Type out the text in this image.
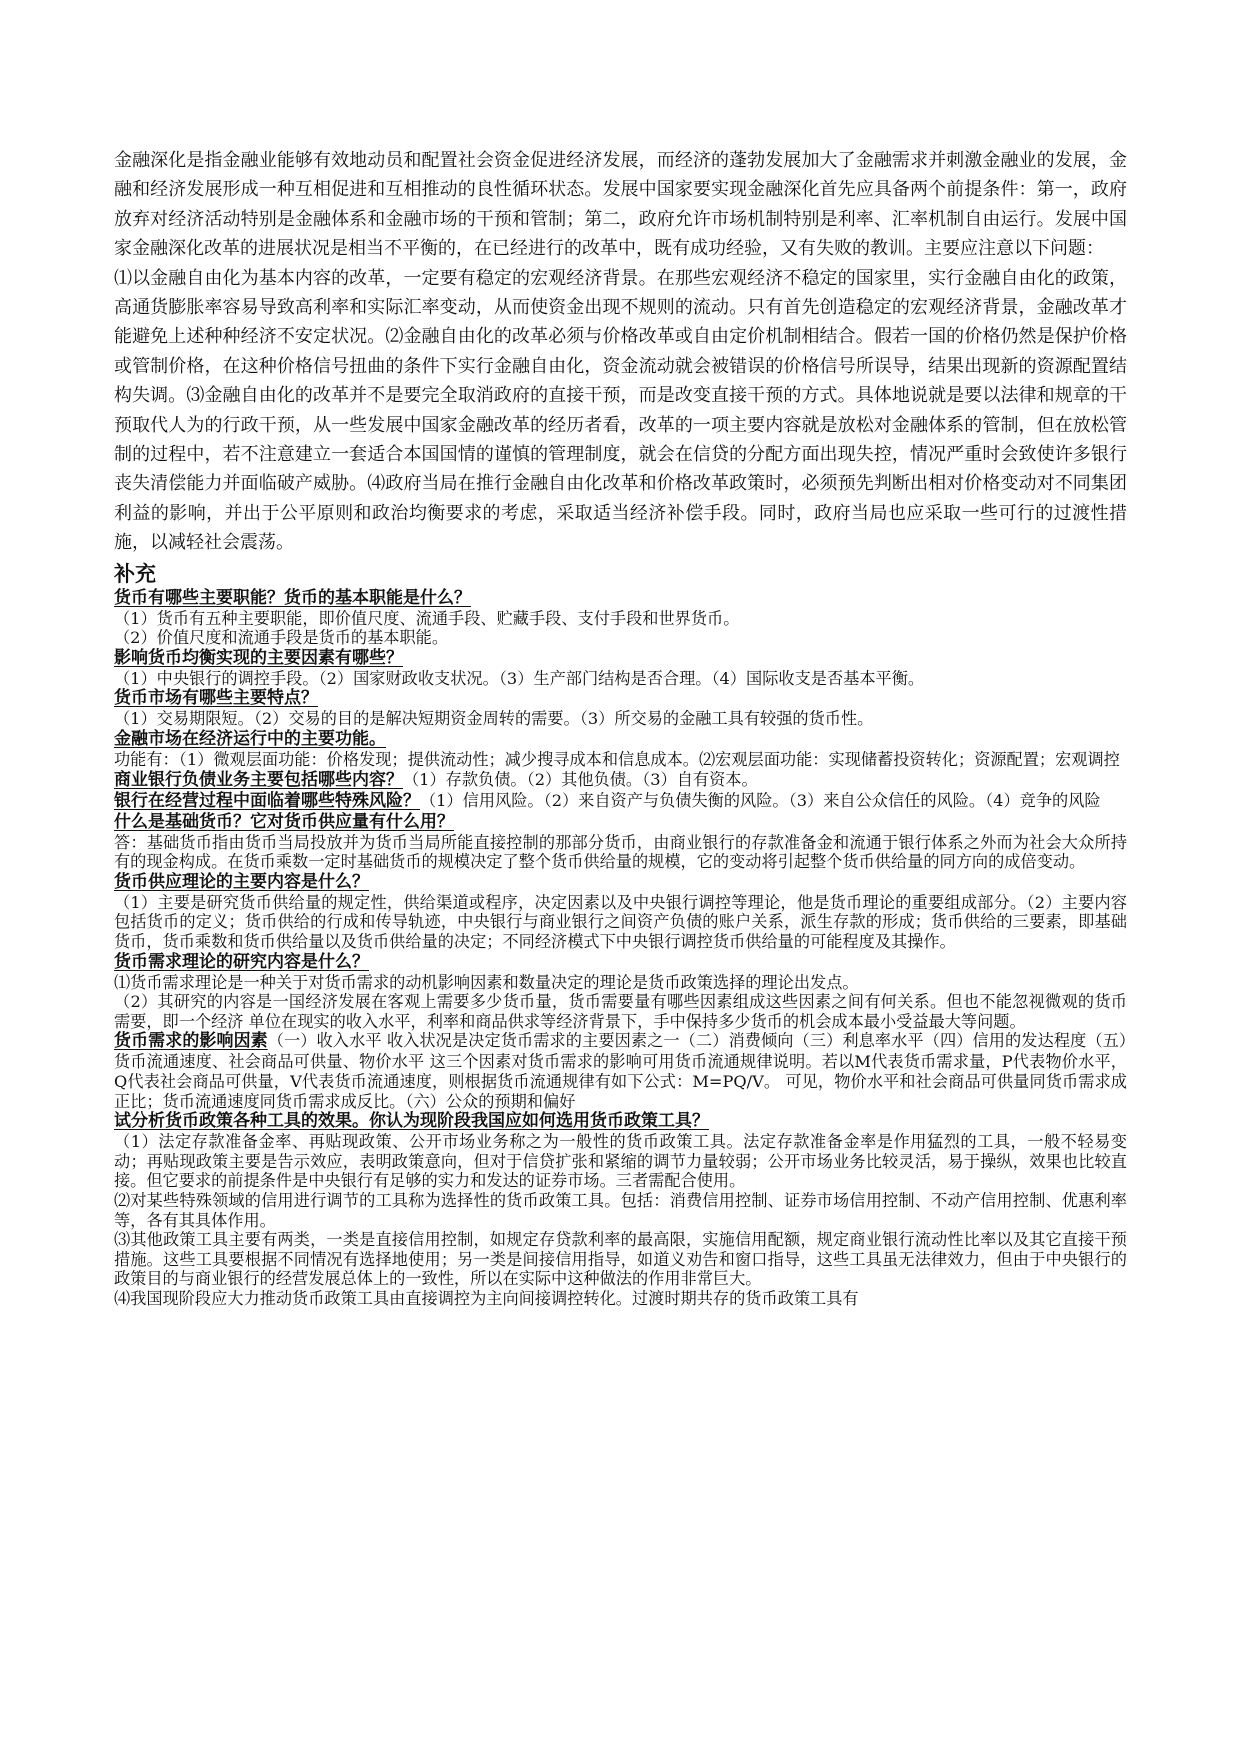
金融深化是指金融业能够有效地动员和配置社会资金促进经济发展，而经济的蓬勃发展加大了金融需求并刺激金融业的发展，金融和经济发展形成一种互相促进和互相推动的良性循环状态。发展中国家要实现金融深化首先应具备两个前提条件：第一，政府放弃对经济活动特别是金融体系和金融市场的干预和管制；第二，政府允许市场机制特别是利率、汇率机制自由运行。发展中国家金融深化改革的进展状况是相当不平衡的，在已经进行的改革中，既有成功经验，又有失败的教训。主要应注意以下问题：

⑴以金融自由化为基本内容的改革，一定要有稳定的宏观经济背景。在那些宏观经济不稳定的国家里，实行金融自由化的政策，高通货膨胀率容易导致高利率和实际汇率变动，从而使资金出现不规则的流动。只有首先创造稳定的宏观经济背景，金融改革才能避免上述种种经济不安定状况。⑵金融自由化的改革必须与价格改革或自由定价机制相结合。假若一国的价格仍然是保护价格或管制价格，在这种价格信号扭曲的条件下实行金融自由化，资金流动就会被错误的价格信号所误导，结果出现新的资源配置结构失调。⑶金融自由化的改革并不是要完全取消政府的直接干预，而是改变直接干预的方式。具体地说就是要以法律和规章的干预取代人为的行政干预，从一些发展中国家金融改革的经历者看，改革的一项主要内容就是放松对金融体系的管制，但在放松管制的过程中，若不注意建立一套适合本国国情的谨慎的管理制度，就会在信贷的分配方面出现失控，情况严重时会致使许多银行丧失清偿能力并面临破产威胁。⑷政府当局在推行金融自由化改革和价格改革政策时，必须预先判断出相对价格变动对不同集团利益的影响，并出于公平原则和政治均衡要求的考虑，采取适当经济补偿手段。同时，政府当局也应采取一些可行的过渡性措施，以减轻社会震荡。

补充
货币有哪些主要职能？货币的基本职能是什么？
（1）货币有五种主要职能，即价值尺度、流通手段、贮藏手段、支付手段和世界货币。
（2）价值尺度和流通手段是货币的基本职能。
影响货币均衡实现的主要因素有哪些？
（1）中央银行的调控手段。（2）国家财政收支状况。（3）生产部门结构是否合理。（4）国际收支是否基本平衡。
货币市场有哪些主要特点？
（1）交易期限短。（2）交易的目的是解决短期资金周转的需要。（3）所交易的金融工具有较强的货币性。
金融市场在经济运行中的主要功能。
功能有：（1）微观层面功能：价格发现；提供流动性；减少搜寻成本和信息成本。⑵宏观层面功能：实现储蓄投资转化；资源配置；宏观调控
商业银行负债业务主要包括哪些内容？（1）存款负债。（2）其他负债。（3）自有资本。
银行在经营过程中面临着哪些特殊风险？（1）信用风险。（2）来自资产与负债失衡的风险。（3）来自公众信任的风险。（4）竞争的风险
什么是基础货币？它对货币供应量有什么用？
答：基础货币指由货币当局投放并为货币当局所能直接控制的那部分货币，由商业银行的存款准备金和流通于银行体系之外而为社会大众所持有的现金构成。在货币乘数一定时基础货币的规模决定了整个货币供给量的规模，它的变动将引起整个货币供给量的同方向的成倍变动。
货币供应理论的主要内容是什么？
（1）主要是研究货币供给量的规定性，供给渠道或程序，决定因素以及中央银行调控等理论，他是货币理论的重要组成部分。（2）主要内容包括货币的定义；货币供给的行成和传导轨迹，中央银行与商业银行之间资产负债的账户关系，派生存款的形成；货币供给的三要素，即基础货币，货币乘数和货币供给量以及货币供给量的决定；不同经济模式下中央银行调控货币供给量的可能程度及其操作。
货币需求理论的研究内容是什么？
⑴货币需求理论是一种关于对货币需求的动机影响因素和数量决定的理论是货币政策选择的理论出发点。
（2）其研究的内容是一国经济发展在客观上需要多少货币量，货币需要量有哪些因素组成这些因素之间有何关系。但也不能忽视微观的货币需要，即一个经济 单位在现实的收入水平，利率和商品供求等经济背景下，手中保持多少货币的机会成本最小受益最大等问题。
货币需求的影响因素（一）收入水平 收入状况是决定货币需求的主要因素之一（二）消费倾向（三）利息率水平（四）信用的发达程度（五）货币流通速度、社会商品可供量、物价水平 这三个因素对货币需求的影响可用货币流通规律说明。若以M代表货币需求量，P代表物价水平，Q代表社会商品可供量，V代表货币流通速度，则根据货币流通规律有如下公式：M=PQ/V。 可见，物价水平和社会商品可供量同货币需求成正比；货币流通速度同货币需求成反比。（六）公众的预期和偏好
试分析货币政策各种工具的效果。你认为现阶段我国应如何选用货币政策工具？
（1）法定存款准备金率、再贴现政策、公开市场业务称之为一般性的货币政策工具。法定存款准备金率是作用猛烈的工具，一般不轻易变动；再贴现政策主要是告示效应，表明政策意向，但对于信贷扩张和紧缩的调节力量较弱；公开市场业务比较灵活，易于操纵，效果也比较直接。但它要求的前提条件是中央银行有足够的实力和发达的证券市场。三者需配合使用。
⑵对某些特殊领域的信用进行调节的工具称为选择性的货币政策工具。包括：消费信用控制、证券市场信用控制、不动产信用控制、优惠利率等，各有其具体作用。
⑶其他政策工具主要有两类，一类是直接信用控制，如规定存贷款利率的最高限，实施信用配额，规定商业银行流动性比率以及其它直接干预措施。这些工具要根据不同情况有选择地使用；另一类是间接信用指导，如道义劝告和窗口指导，这些工具虽无法律效力，但由于中央银行的政策目的与商业银行的经营发展总体上的一致性，所以在实际中这种做法的作用非常巨大。
⑷我国现阶段应大力推动货币政策工具由直接调控为主向间接调控转化。过渡时期共存的货币政策工具有
